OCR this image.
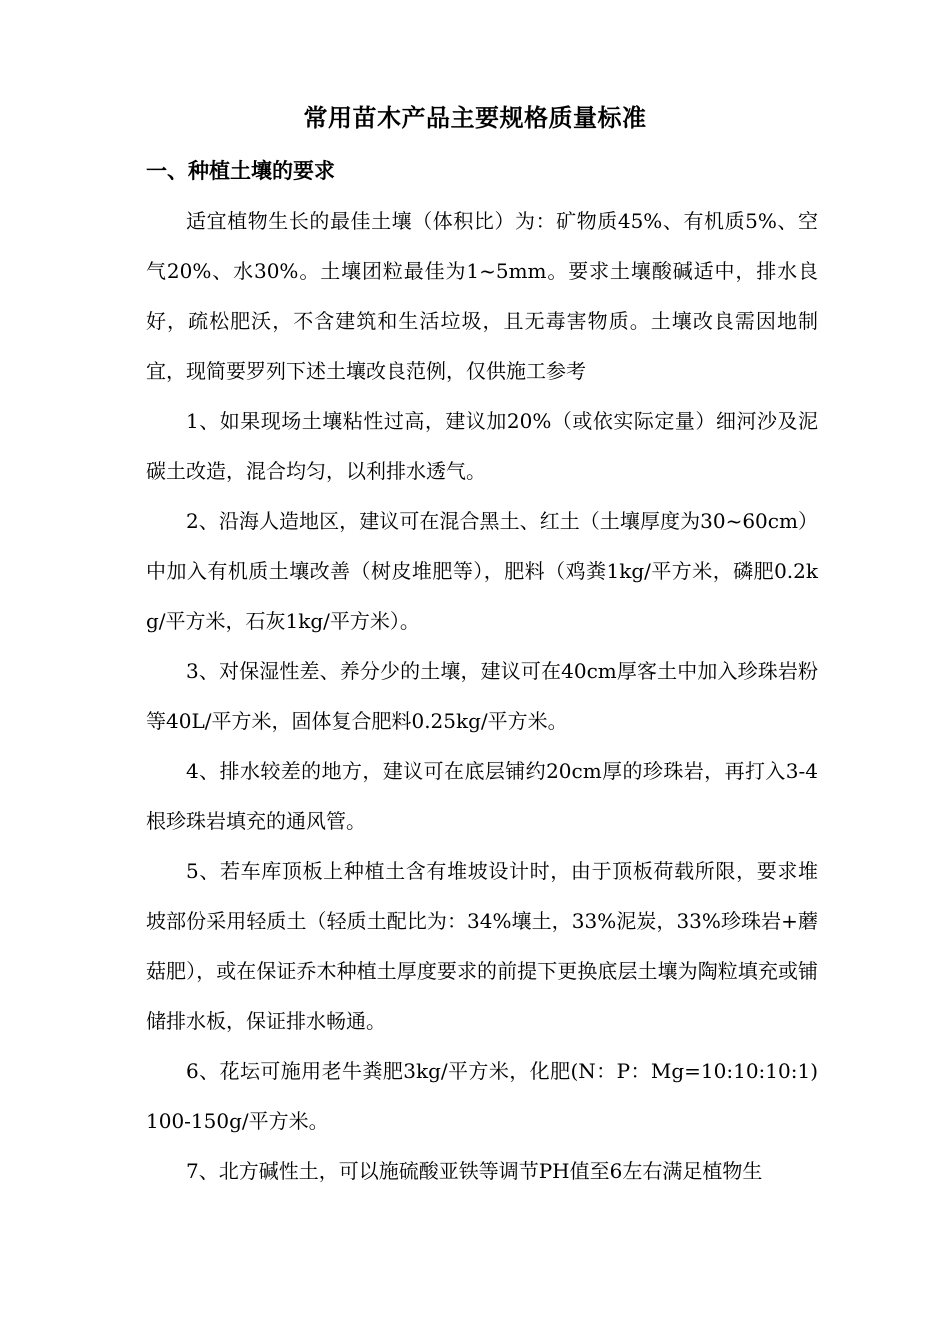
常用苗木产品主要规格质量标准
一、种植土壤的要求

适宜植物生长的最佳土壤（体积比）为：矿物质45%、有机质5%、空气20%、水30%。土壤团粒最佳为1~5mm。要求土壤酸碱适中，排水良好，疏松肥沃，不含建筑和生活垃圾，且无毒害物质。土壤改良需因地制宜，现简要罗列下述土壤改良范例，仅供施工参考

1、如果现场土壤粘性过高，建议加20%（或依实际定量）细河沙及泥碳土改造，混合均匀，以利排水透气。

2、沿海人造地区，建议可在混合黑土、红土（土壤厚度为30~60cm）中加入有机质土壤改善（树皮堆肥等），肥料（鸡粪1kg/平方米，磷肥0.2kg/平方米，石灰1kg/平方米）。

3、对保湿性差、养分少的土壤，建议可在40cm厚客土中加入珍珠岩粉等40L/平方米，固体复合肥料0.25kg/平方米。

4、排水较差的地方，建议可在底层铺约20cm厚的珍珠岩，再打入3-4根珍珠岩填充的通风管。

5、若车库顶板上种植土含有堆坡设计时，由于顶板荷载所限，要求堆坡部份采用轻质土（轻质土配比为：34%壤土，33%泥炭，33%珍珠岩+蘑菇肥），或在保证乔木种植土厚度要求的前提下更换底层土壤为陶粒填充或铺储排水板，保证排水畅通。

6、花坛可施用老牛粪肥3kg/平方米，化肥(N：P：Mg=10:10:10:1)100-150g/平方米。

7、北方碱性土，可以施硫酸亚铁等调节PH值至6左右满足植物生
